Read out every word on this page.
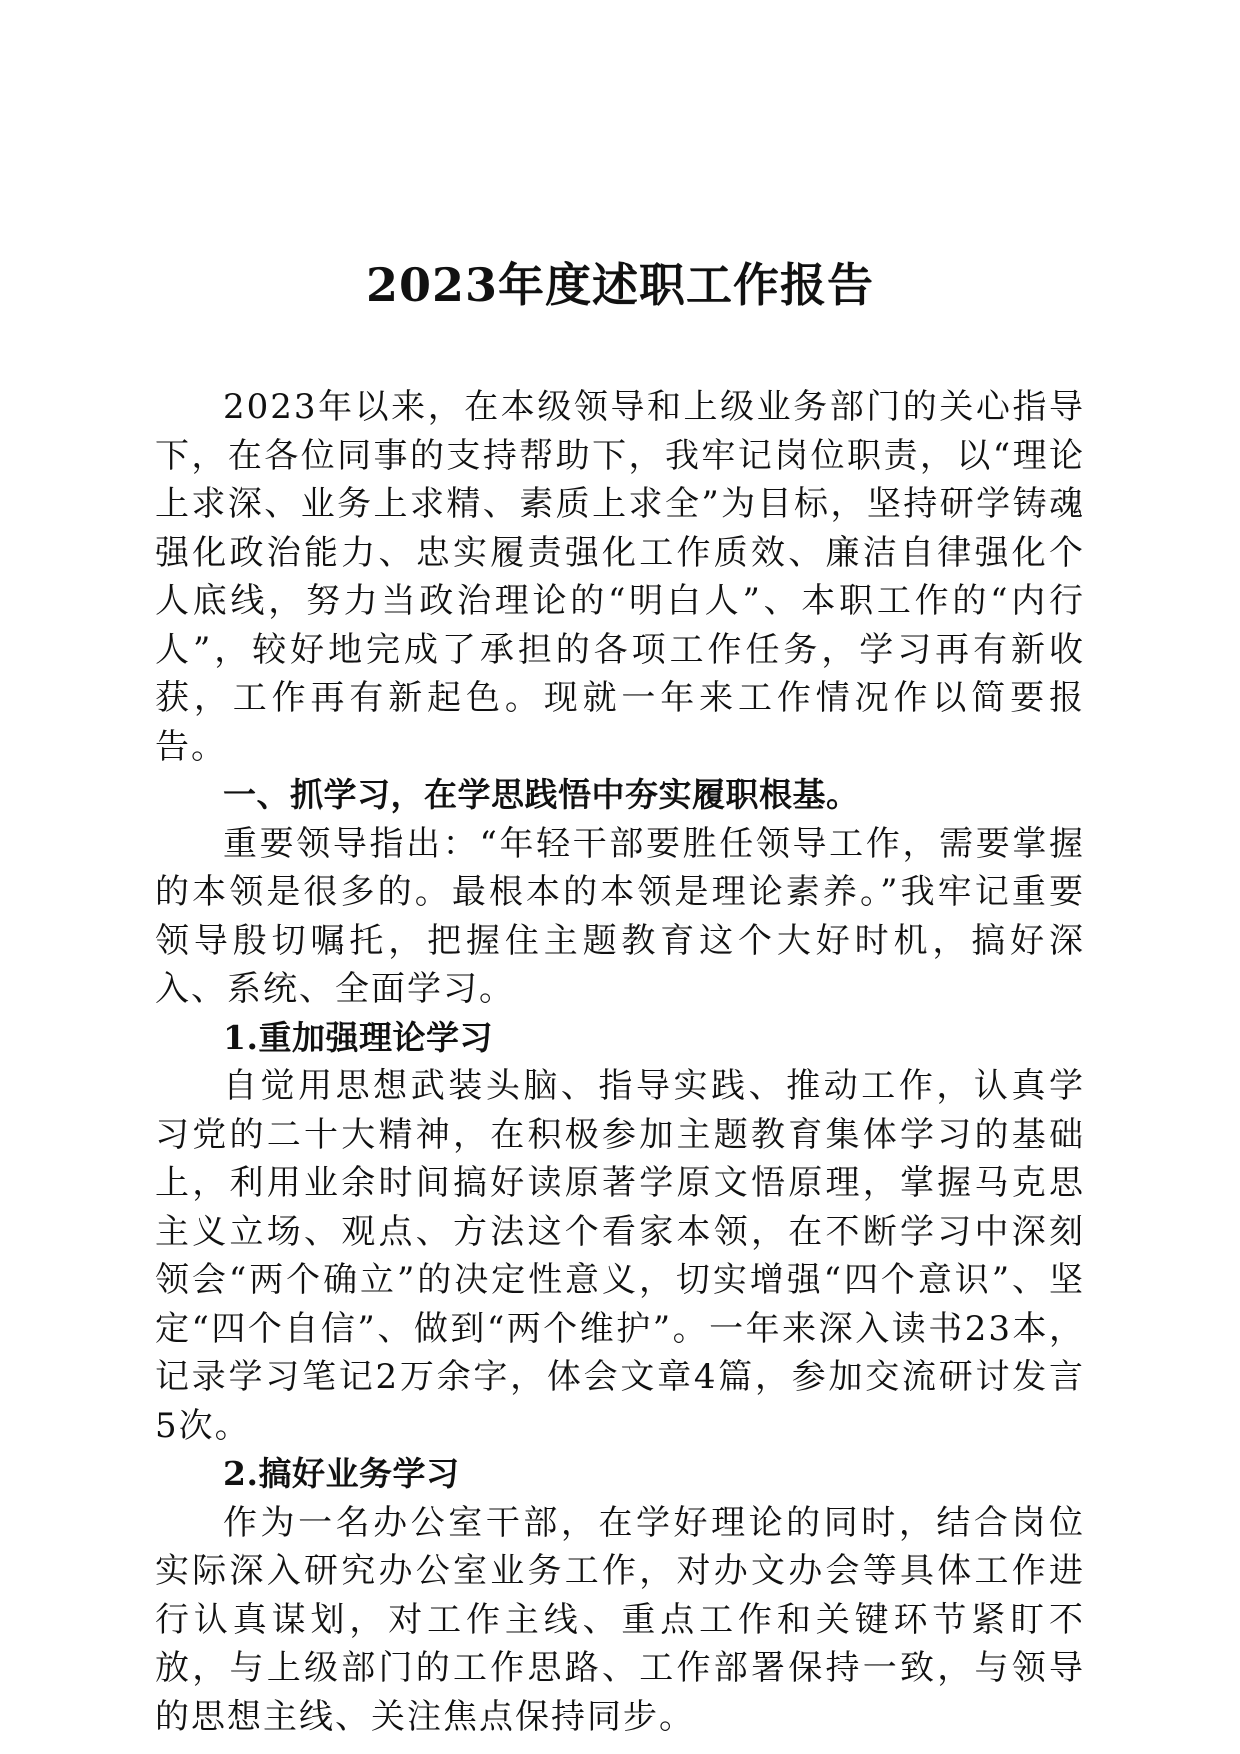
2023年度述职工作报告

2023年以来，在本级领导和上级业务部门的关心指导下，在各位同事的支持帮助下，我牢记岗位职责，以“理论上求深、业务上求精、素质上求全”为目标，坚持研学铸魂强化政治能力、忠实履责强化工作质效、廉洁自律强化个人底线，努力当政治理论的“明白人”、本职工作的“内行人”，较好地完成了承担的各项工作任务，学习再有新收获，工作再有新起色。现就一年来工作情况作以简要报告。

一、抓学习，在学思践悟中夯实履职根基。

重要领导指出：“年轻干部要胜任领导工作，需要掌握的本领是很多的。最根本的本领是理论素养。”我牢记重要领导殷切嘱托，把握住主题教育这个大好时机，搞好深入、系统、全面学习。

1.重加强理论学习

自觉用思想武装头脑、指导实践、推动工作，认真学习党的二十大精神，在积极参加主题教育集体学习的基础上，利用业余时间搞好读原著学原文悟原理，掌握马克思主义立场、观点、方法这个看家本领，在不断学习中深刻领会“两个确立”的决定性意义，切实增强“四个意识”、坚定“四个自信”、做到“两个维护”。一年来深入读书23本，记录学习笔记2万余字，体会文章4篇，参加交流研讨发言5次。

2.搞好业务学习

作为一名办公室干部，在学好理论的同时，结合岗位实际深入研究办公室业务工作，对办文办会等具体工作进行认真谋划，对工作主线、重点工作和关键环节紧盯不放，与上级部门的工作思路、工作部署保持一致，与领导的思想主线、关注焦点保持同步。
